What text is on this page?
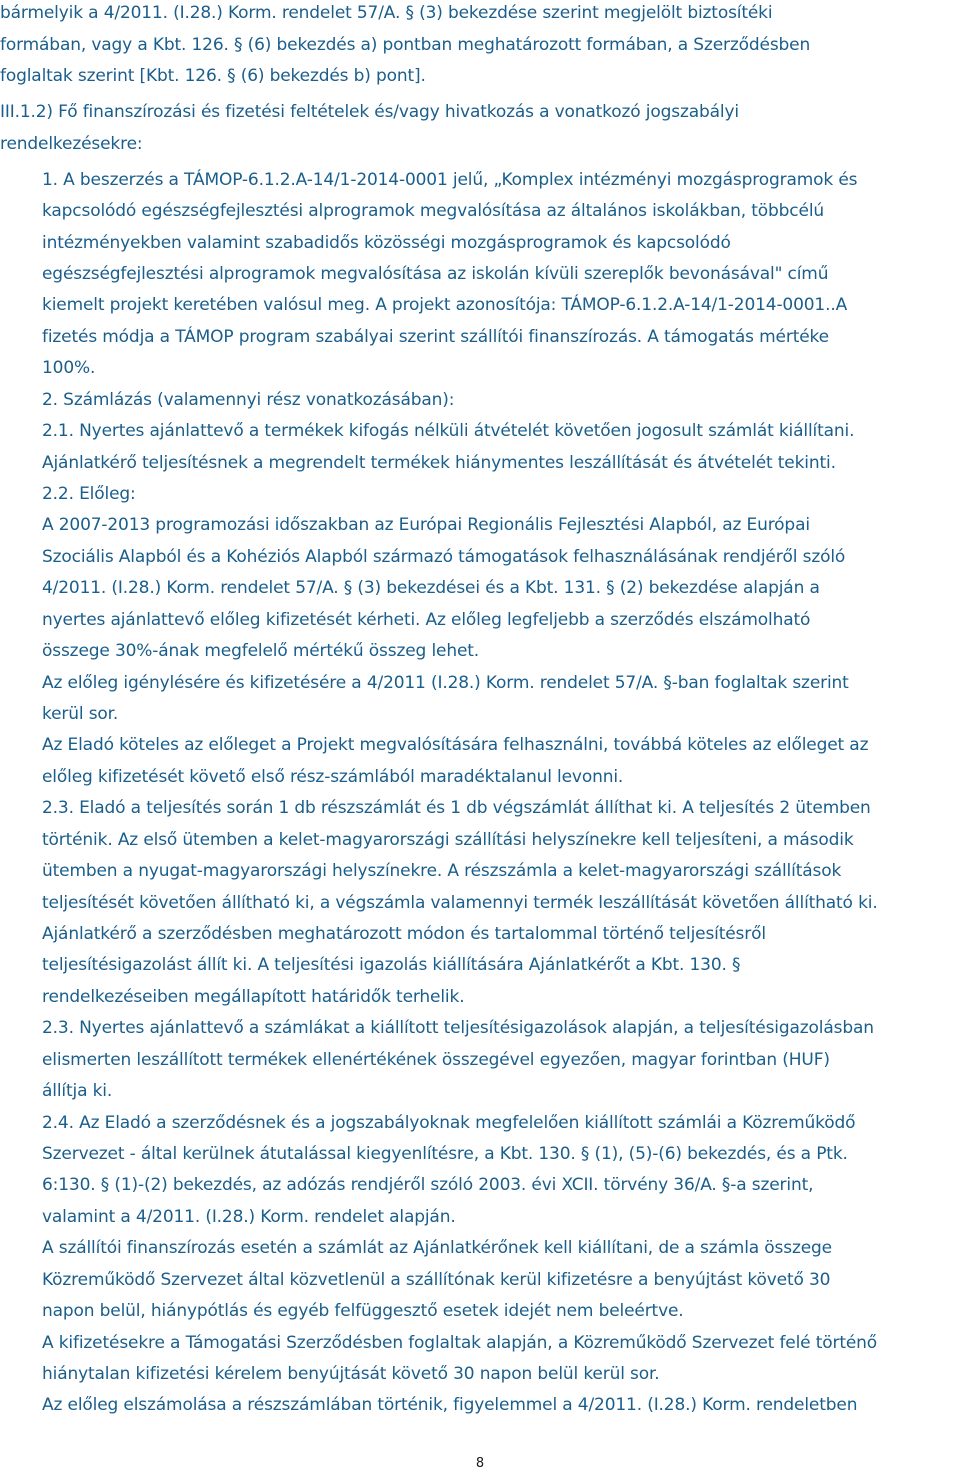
bármelyik a 4/2011. (I.28.) Korm. rendelet 57/A. § (3) bekezdése szerint megjelölt biztosítéki
formában, vagy a Kbt. 126. § (6) bekezdés a) pontban meghatározott formában, a Szerződésben
foglaltak szerint [Kbt. 126. § (6) bekezdés b) pont].
III.1.2) Fő finanszírozási és fizetési feltételek és/vagy hivatkozás a vonatkozó jogszabályi
rendelkezésekre:
1. A beszerzés a TÁMOP-6.1.2.A-14/1-2014-0001 jelű, „Komplex intézményi mozgásprogramok és
kapcsolódó egészségfejlesztési alprogramok megvalósítása az általános iskolákban, többcélú
intézményekben valamint szabadidős közösségi mozgásprogramok és kapcsolódó
egészségfejlesztési alprogramok megvalósítása az iskolán kívüli szereplők bevonásával" című
kiemelt projekt keretében valósul meg. A projekt azonosítója: TÁMOP-6.1.2.A-14/1-2014-0001..A
fizetés módja a TÁMOP program szabályai szerint szállítói finanszírozás. A támogatás mértéke
100%.
2. Számlázás (valamennyi rész vonatkozásában):
2.1. Nyertes ajánlattevő a termékek kifogás nélküli átvételét követően jogosult számlát kiállítani.
Ajánlatkérő teljesítésnek a megrendelt termékek hiánymentes leszállítását és átvételét tekinti.
2.2. Előleg:
A 2007-2013 programozási időszakban az Európai Regionális Fejlesztési Alapból, az Európai
Szociális Alapból és a Kohéziós Alapból származó támogatások felhasználásának rendjéről szóló
4/2011. (I.28.) Korm. rendelet 57/A. § (3) bekezdései és a Kbt. 131. § (2) bekezdése alapján a
nyertes ajánlattevő előleg kifizetését kérheti. Az előleg legfeljebb a szerződés elszámolható
összege 30%-ának megfelelő mértékű összeg lehet.
Az előleg igénylésére és kifizetésére a 4/2011 (I.28.) Korm. rendelet 57/A. §-ban foglaltak szerint
kerül sor.
Az Eladó köteles az előleget a Projekt megvalósítására felhasználni, továbbá köteles az előleget az
előleg kifizetését követő első rész-számlából maradéktalanul levonni.
2.3. Eladó a teljesítés során 1 db részszámlát és 1 db végszámlát állíthat ki. A teljesítés 2 ütemben
történik. Az első ütemben a kelet-magyarországi szállítási helyszínekre kell teljesíteni, a második
ütemben a nyugat-magyarországi helyszínekre. A részszámla a kelet-magyarországi szállítások
teljesítését követően állítható ki, a végszámla valamennyi termék leszállítását követően állítható ki.
Ajánlatkérő a szerződésben meghatározott módon és tartalommal történő teljesítésről
teljesítésigazolást állít ki. A teljesítési igazolás kiállítására Ajánlatkérőt a Kbt. 130. §
rendelkezéseiben megállapított határidők terhelik.
2.3. Nyertes ajánlattevő a számlákat a kiállított teljesítésigazolások alapján, a teljesítésigazolásban
elismerten leszállított termékek ellenértékének összegével egyezően, magyar forintban (HUF)
állítja ki.
2.4. Az Eladó a szerződésnek és a jogszabályoknak megfelelően kiállított számlái a Közreműködő
Szervezet - által kerülnek átutalással kiegyenlítésre, a Kbt. 130. § (1), (5)-(6) bekezdés, és a Ptk.
6:130. § (1)-(2) bekezdés, az adózás rendjéről szóló 2003. évi XCII. törvény 36/A. §-a szerint,
valamint a 4/2011. (I.28.) Korm. rendelet alapján.
A szállítói finanszírozás esetén a számlát az Ajánlatkérőnek kell kiállítani, de a számla összege
Közreműködő Szervezet által közvetlenül a szállítónak kerül kifizetésre a benyújtást követő 30
napon belül, hiánypótlás és egyéb felfüggesztő esetek idejét nem beleértve.
A kifizetésekre a Támogatási Szerződésben foglaltak alapján, a Közreműködő Szervezet felé történő
hiánytalan kifizetési kérelem benyújtását követő 30 napon belül kerül sor.
Az előleg elszámolása a részszámlában történik, figyelemmel a 4/2011. (I.28.) Korm. rendeletben
8
